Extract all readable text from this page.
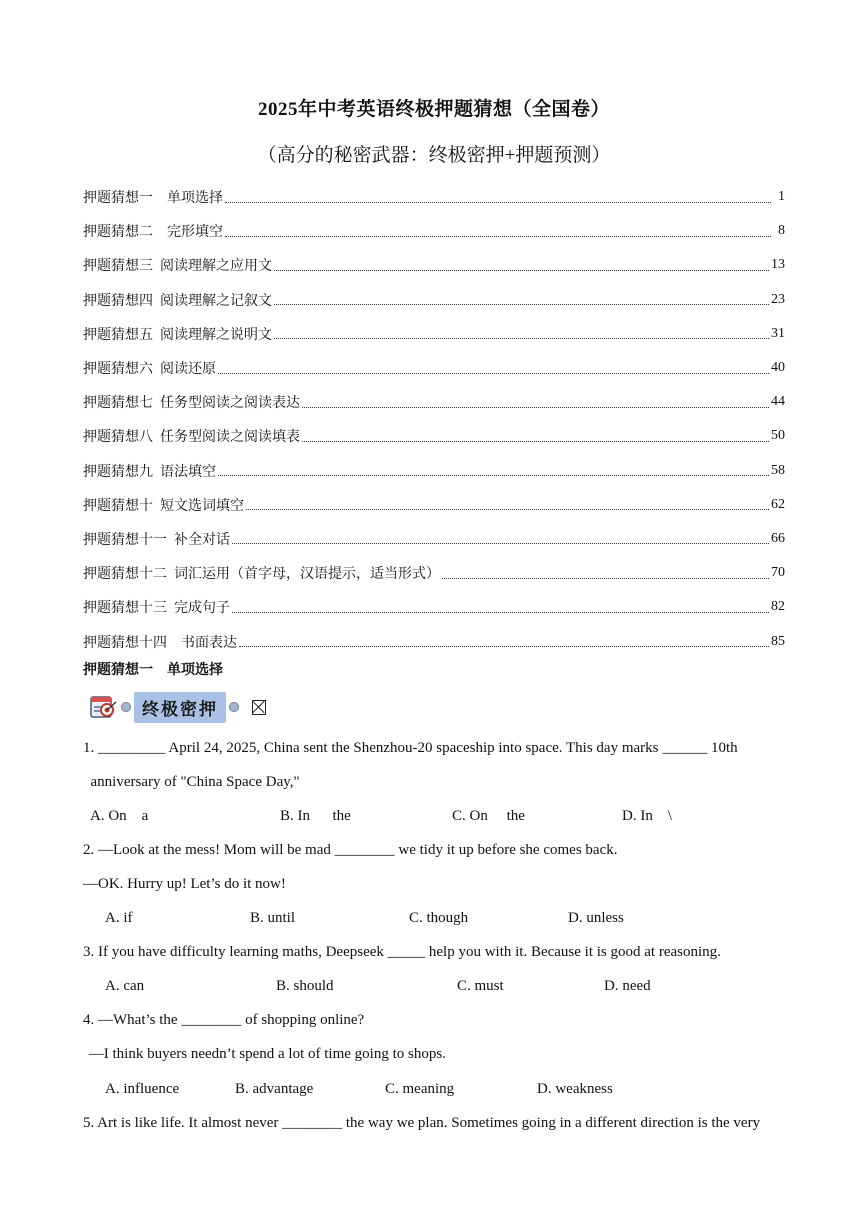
2025年中考英语终极押题猜想（全国卷）
（高分的秘密武器：终极密押+押题预测）
押题猜想一    单项选择	1
押题猜想二    完形填空	8
押题猜想三  阅读理解之应用文	13
押题猜想四  阅读理解之记叙文	23
押题猜想五  阅读理解之说明文	31
押题猜想六  阅读还原	40
押题猜想七  任务型阅读之阅读表达	44
押题猜想八  任务型阅读之阅读填表	50
押题猜想九  语法填空	58
押题猜想十  短文选词填空	62
押题猜想十一  补全对话	66
押题猜想十二  词汇运用（首字母，汉语提示，适当形式）	70
押题猜想十三  完成句子	82
押题猜想十四    书面表达	85
押题猜想一    单项选择
终极密押
1. _________ April 24, 2025, China sent the Shenzhou-20 spaceship into space. This day marks ______ 10th
anniversary of "China Space Day,"
A. On    a	B. In      the	C. On     the	D. In    \
2. —Look at the mess! Mom will be mad ________ we tidy it up before she comes back.
—OK. Hurry up! Let’s do it now!
A. if	B. until	C. though	D. unless
3. If you have difficulty learning maths, Deepseek _____ help you with it. Because it is good at reasoning.
A. can	B. should	C. must	D. need
4. —What’s the ________ of shopping online?
—I think buyers needn’t spend a lot of time going to shops.
A. influence	B. advantage	C. meaning	D. weakness
5. Art is like life. It almost never ________ the way we plan. Sometimes going in a different direction is the very
